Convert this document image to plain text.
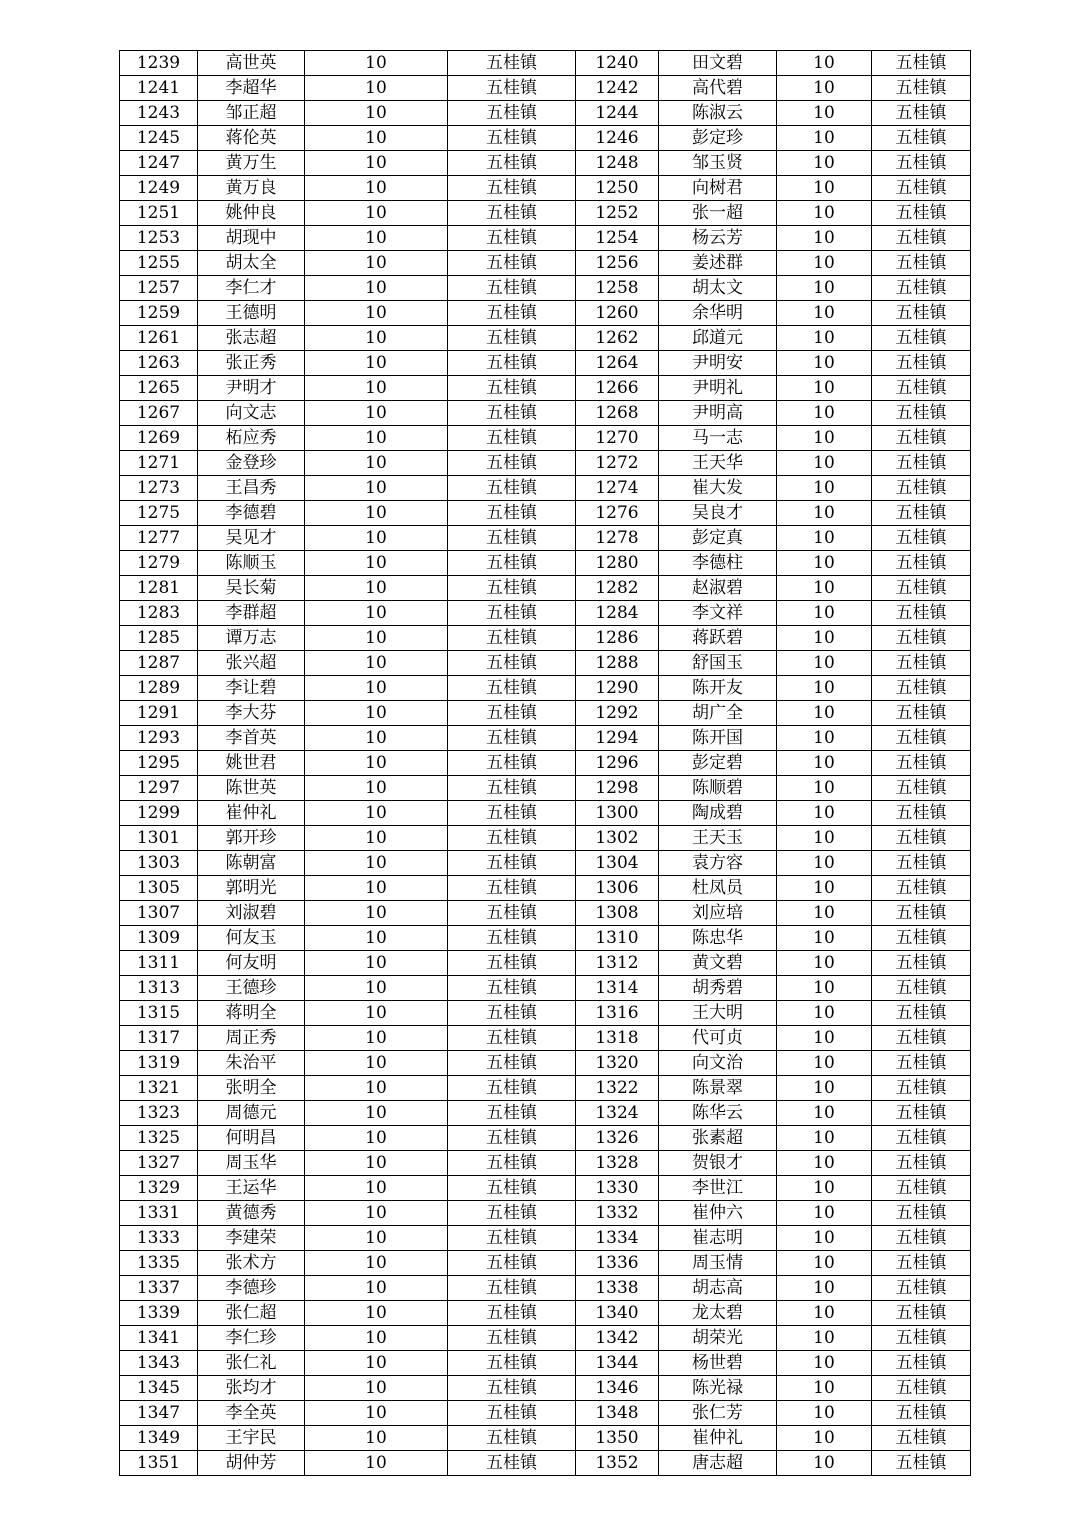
1239	高世英	10	五桂镇	1240	田文碧	10	五桂镇
1241	李超华	10	五桂镇	1242	高代碧	10	五桂镇
1243	邹正超	10	五桂镇	1244	陈淑云	10	五桂镇
1245	蒋伦英	10	五桂镇	1246	彭定珍	10	五桂镇
1247	黄万生	10	五桂镇	1248	邹玉贤	10	五桂镇
1249	黄万良	10	五桂镇	1250	向树君	10	五桂镇
1251	姚仲良	10	五桂镇	1252	张一超	10	五桂镇
1253	胡现中	10	五桂镇	1254	杨云芳	10	五桂镇
1255	胡太全	10	五桂镇	1256	姜述群	10	五桂镇
1257	李仁才	10	五桂镇	1258	胡太文	10	五桂镇
1259	王德明	10	五桂镇	1260	余华明	10	五桂镇
1261	张志超	10	五桂镇	1262	邱道元	10	五桂镇
1263	张正秀	10	五桂镇	1264	尹明安	10	五桂镇
1265	尹明才	10	五桂镇	1266	尹明礼	10	五桂镇
1267	向文志	10	五桂镇	1268	尹明高	10	五桂镇
1269	柘应秀	10	五桂镇	1270	马一志	10	五桂镇
1271	金登珍	10	五桂镇	1272	王天华	10	五桂镇
1273	王昌秀	10	五桂镇	1274	崔大发	10	五桂镇
1275	李德碧	10	五桂镇	1276	吴良才	10	五桂镇
1277	吴见才	10	五桂镇	1278	彭定真	10	五桂镇
1279	陈顺玉	10	五桂镇	1280	李德柱	10	五桂镇
1281	吴长菊	10	五桂镇	1282	赵淑碧	10	五桂镇
1283	李群超	10	五桂镇	1284	李文祥	10	五桂镇
1285	谭万志	10	五桂镇	1286	蒋跃碧	10	五桂镇
1287	张兴超	10	五桂镇	1288	舒国玉	10	五桂镇
1289	李让碧	10	五桂镇	1290	陈开友	10	五桂镇
1291	李大芬	10	五桂镇	1292	胡广全	10	五桂镇
1293	李首英	10	五桂镇	1294	陈开国	10	五桂镇
1295	姚世君	10	五桂镇	1296	彭定碧	10	五桂镇
1297	陈世英	10	五桂镇	1298	陈顺碧	10	五桂镇
1299	崔仲礼	10	五桂镇	1300	陶成碧	10	五桂镇
1301	郭开珍	10	五桂镇	1302	王天玉	10	五桂镇
1303	陈朝富	10	五桂镇	1304	袁方容	10	五桂镇
1305	郭明光	10	五桂镇	1306	杜凤员	10	五桂镇
1307	刘淑碧	10	五桂镇	1308	刘应培	10	五桂镇
1309	何友玉	10	五桂镇	1310	陈忠华	10	五桂镇
1311	何友明	10	五桂镇	1312	黄文碧	10	五桂镇
1313	王德珍	10	五桂镇	1314	胡秀碧	10	五桂镇
1315	蒋明全	10	五桂镇	1316	王大明	10	五桂镇
1317	周正秀	10	五桂镇	1318	代可贞	10	五桂镇
1319	朱治平	10	五桂镇	1320	向文治	10	五桂镇
1321	张明全	10	五桂镇	1322	陈景翠	10	五桂镇
1323	周德元	10	五桂镇	1324	陈华云	10	五桂镇
1325	何明昌	10	五桂镇	1326	张素超	10	五桂镇
1327	周玉华	10	五桂镇	1328	贺银才	10	五桂镇
1329	王运华	10	五桂镇	1330	李世江	10	五桂镇
1331	黄德秀	10	五桂镇	1332	崔仲六	10	五桂镇
1333	李建荣	10	五桂镇	1334	崔志明	10	五桂镇
1335	张术方	10	五桂镇	1336	周玉情	10	五桂镇
1337	李德珍	10	五桂镇	1338	胡志高	10	五桂镇
1339	张仁超	10	五桂镇	1340	龙太碧	10	五桂镇
1341	李仁珍	10	五桂镇	1342	胡荣光	10	五桂镇
1343	张仁礼	10	五桂镇	1344	杨世碧	10	五桂镇
1345	张均才	10	五桂镇	1346	陈光禄	10	五桂镇
1347	李全英	10	五桂镇	1348	张仁芳	10	五桂镇
1349	王宇民	10	五桂镇	1350	崔仲礼	10	五桂镇
1351	胡仲芳	10	五桂镇	1352	唐志超	10	五桂镇
